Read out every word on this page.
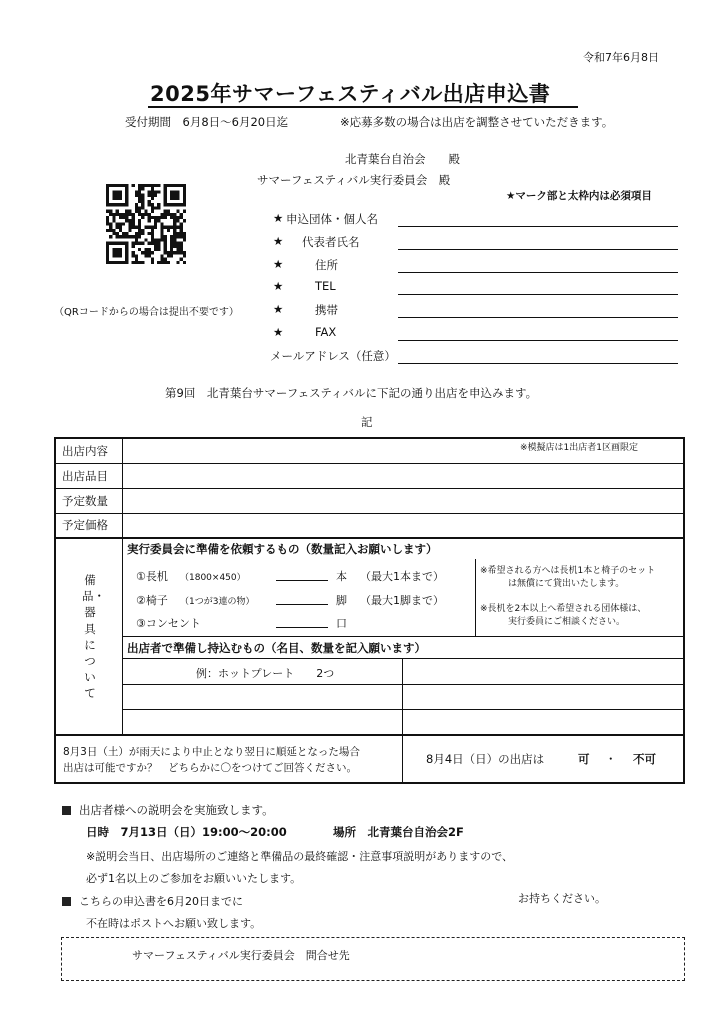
令和7年6月8日
2025年サマーフェスティバル出店申込書
受付期間　6月8日〜6月20日迄	※応募多数の場合は出店を調整させていただきます。
北青葉台自治会　　殿
サマーフェスティバル実行委員会　殿
★マーク部と太枠内は必須項目
（QRコードからの場合は提出不要です）
★ 申込団体・個人名
★ 代表者氏名
★	住所
★	TEL
★	携帯
★	FAX
メールアドレス（任意）
第9回　北青葉台サマーフェスティバルに下記の通り出店を申込みます。
記
出店内容
出店品目
予定数量
予定価格
※模擬店は1出店者1区画限定
備品・器具について
実行委員会に準備を依頼するもの（数量記入お願いします）
①長机 （1800×450）	本 （最大1本まで）
②椅子 （1つが3連の物）	脚 （最大1脚まで）
③コンセント	口
※希望される方へは長机1本と椅子のセット
は無償にて貸出いたします。
※長机を2本以上へ希望される団体様は、
実行委員にご相談ください。
出店者で準備し持込むもの（名目、数量を記入願います）
例：ホットプレート　　2つ
8月3日（土）が雨天により中止となり翌日に順延となった場合
出店は可能ですか？　どちらかに〇をつけてご回答ください。
8月4日（日）の出店は	可 ・ 不可
出店者様への説明会を実施致します。
日時　7月13日（日）19:00〜20:00	場所　北青葉台自治会2F
※説明会当日、出店場所のご連絡と準備品の最終確認・注意事項説明がありますので、
必ず1名以上のご参加をお願いいたします。
こちらの申込書を6月20日までに	お持ちください。
不在時はポストへお願い致します。
サマーフェスティバル実行委員会　問合せ先
